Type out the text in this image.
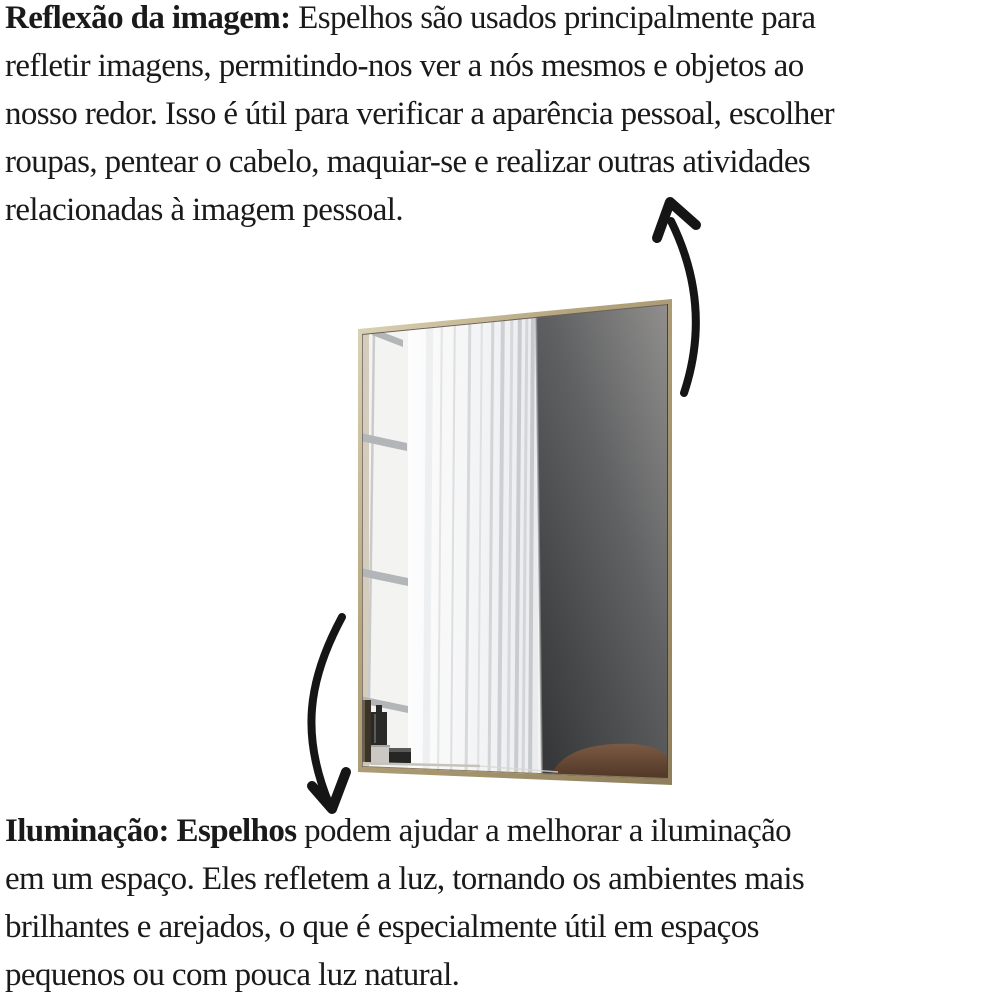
Reflexão da imagem: Espelhos são usados principalmente para
refletir imagens, permitindo-nos ver a nós mesmos e objetos ao
nosso redor. Isso é útil para verificar a aparência pessoal, escolher
roupas, pentear o cabelo, maquiar-se e realizar outras atividades
relacionadas à imagem pessoal.
Iluminação: Espelhos podem ajudar a melhorar a iluminação
em um espaço. Eles refletem a luz, tornando os ambientes mais
brilhantes e arejados, o que é especialmente útil em espaços
pequenos ou com pouca luz natural.
